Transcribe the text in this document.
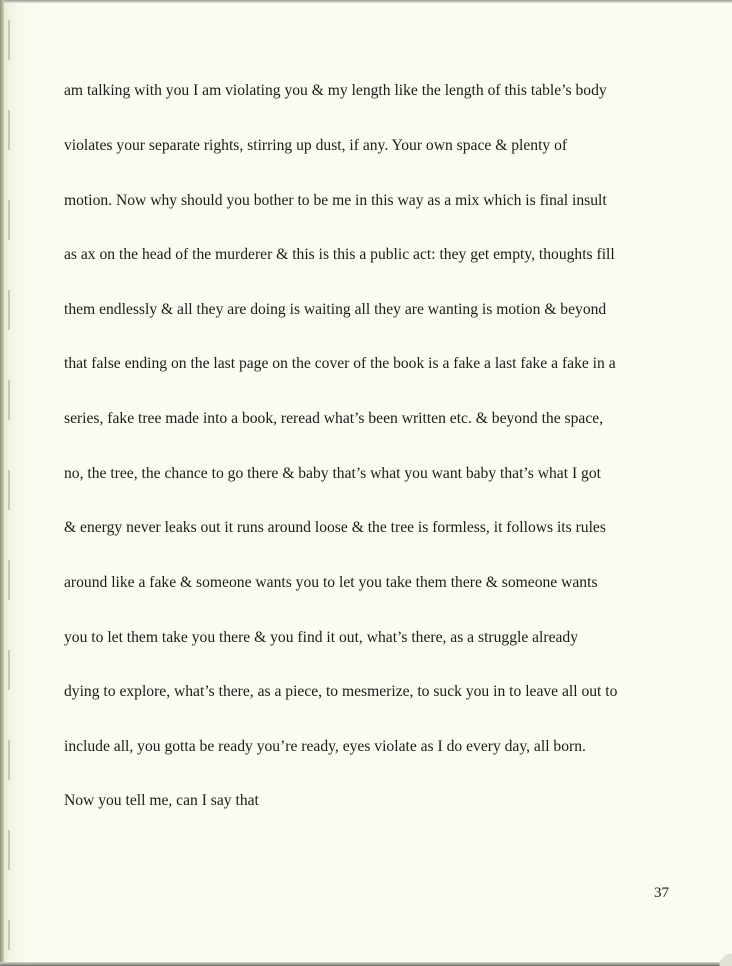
am talking with you I am violating you & my length like the length of this table’s body

violates your separate rights, stirring up dust, if any. Your own space & plenty of

motion. Now why should you bother to be me in this way as a mix which is final insult

as ax on the head of the murderer & this is this a public act: they get empty, thoughts fill

them endlessly & all they are doing is waiting all they are wanting is motion & beyond

that false ending on the last page on the cover of the book is a fake a last fake a fake in a

series, fake tree made into a book, reread what’s been written etc. & beyond the space,

no, the tree, the chance to go there & baby that’s what you want baby that’s what I got

& energy never leaks out it runs around loose & the tree is formless, it follows its rules

around like a fake & someone wants you to let you take them there & someone wants

you to let them take you there & you find it out, what’s there, as a struggle already

dying to explore, what’s there, as a piece, to mesmerize, to suck you in to leave all out to

include all, you gotta be ready you’re ready, eyes violate as I do every day, all born.

Now you tell me, can I say that

37
